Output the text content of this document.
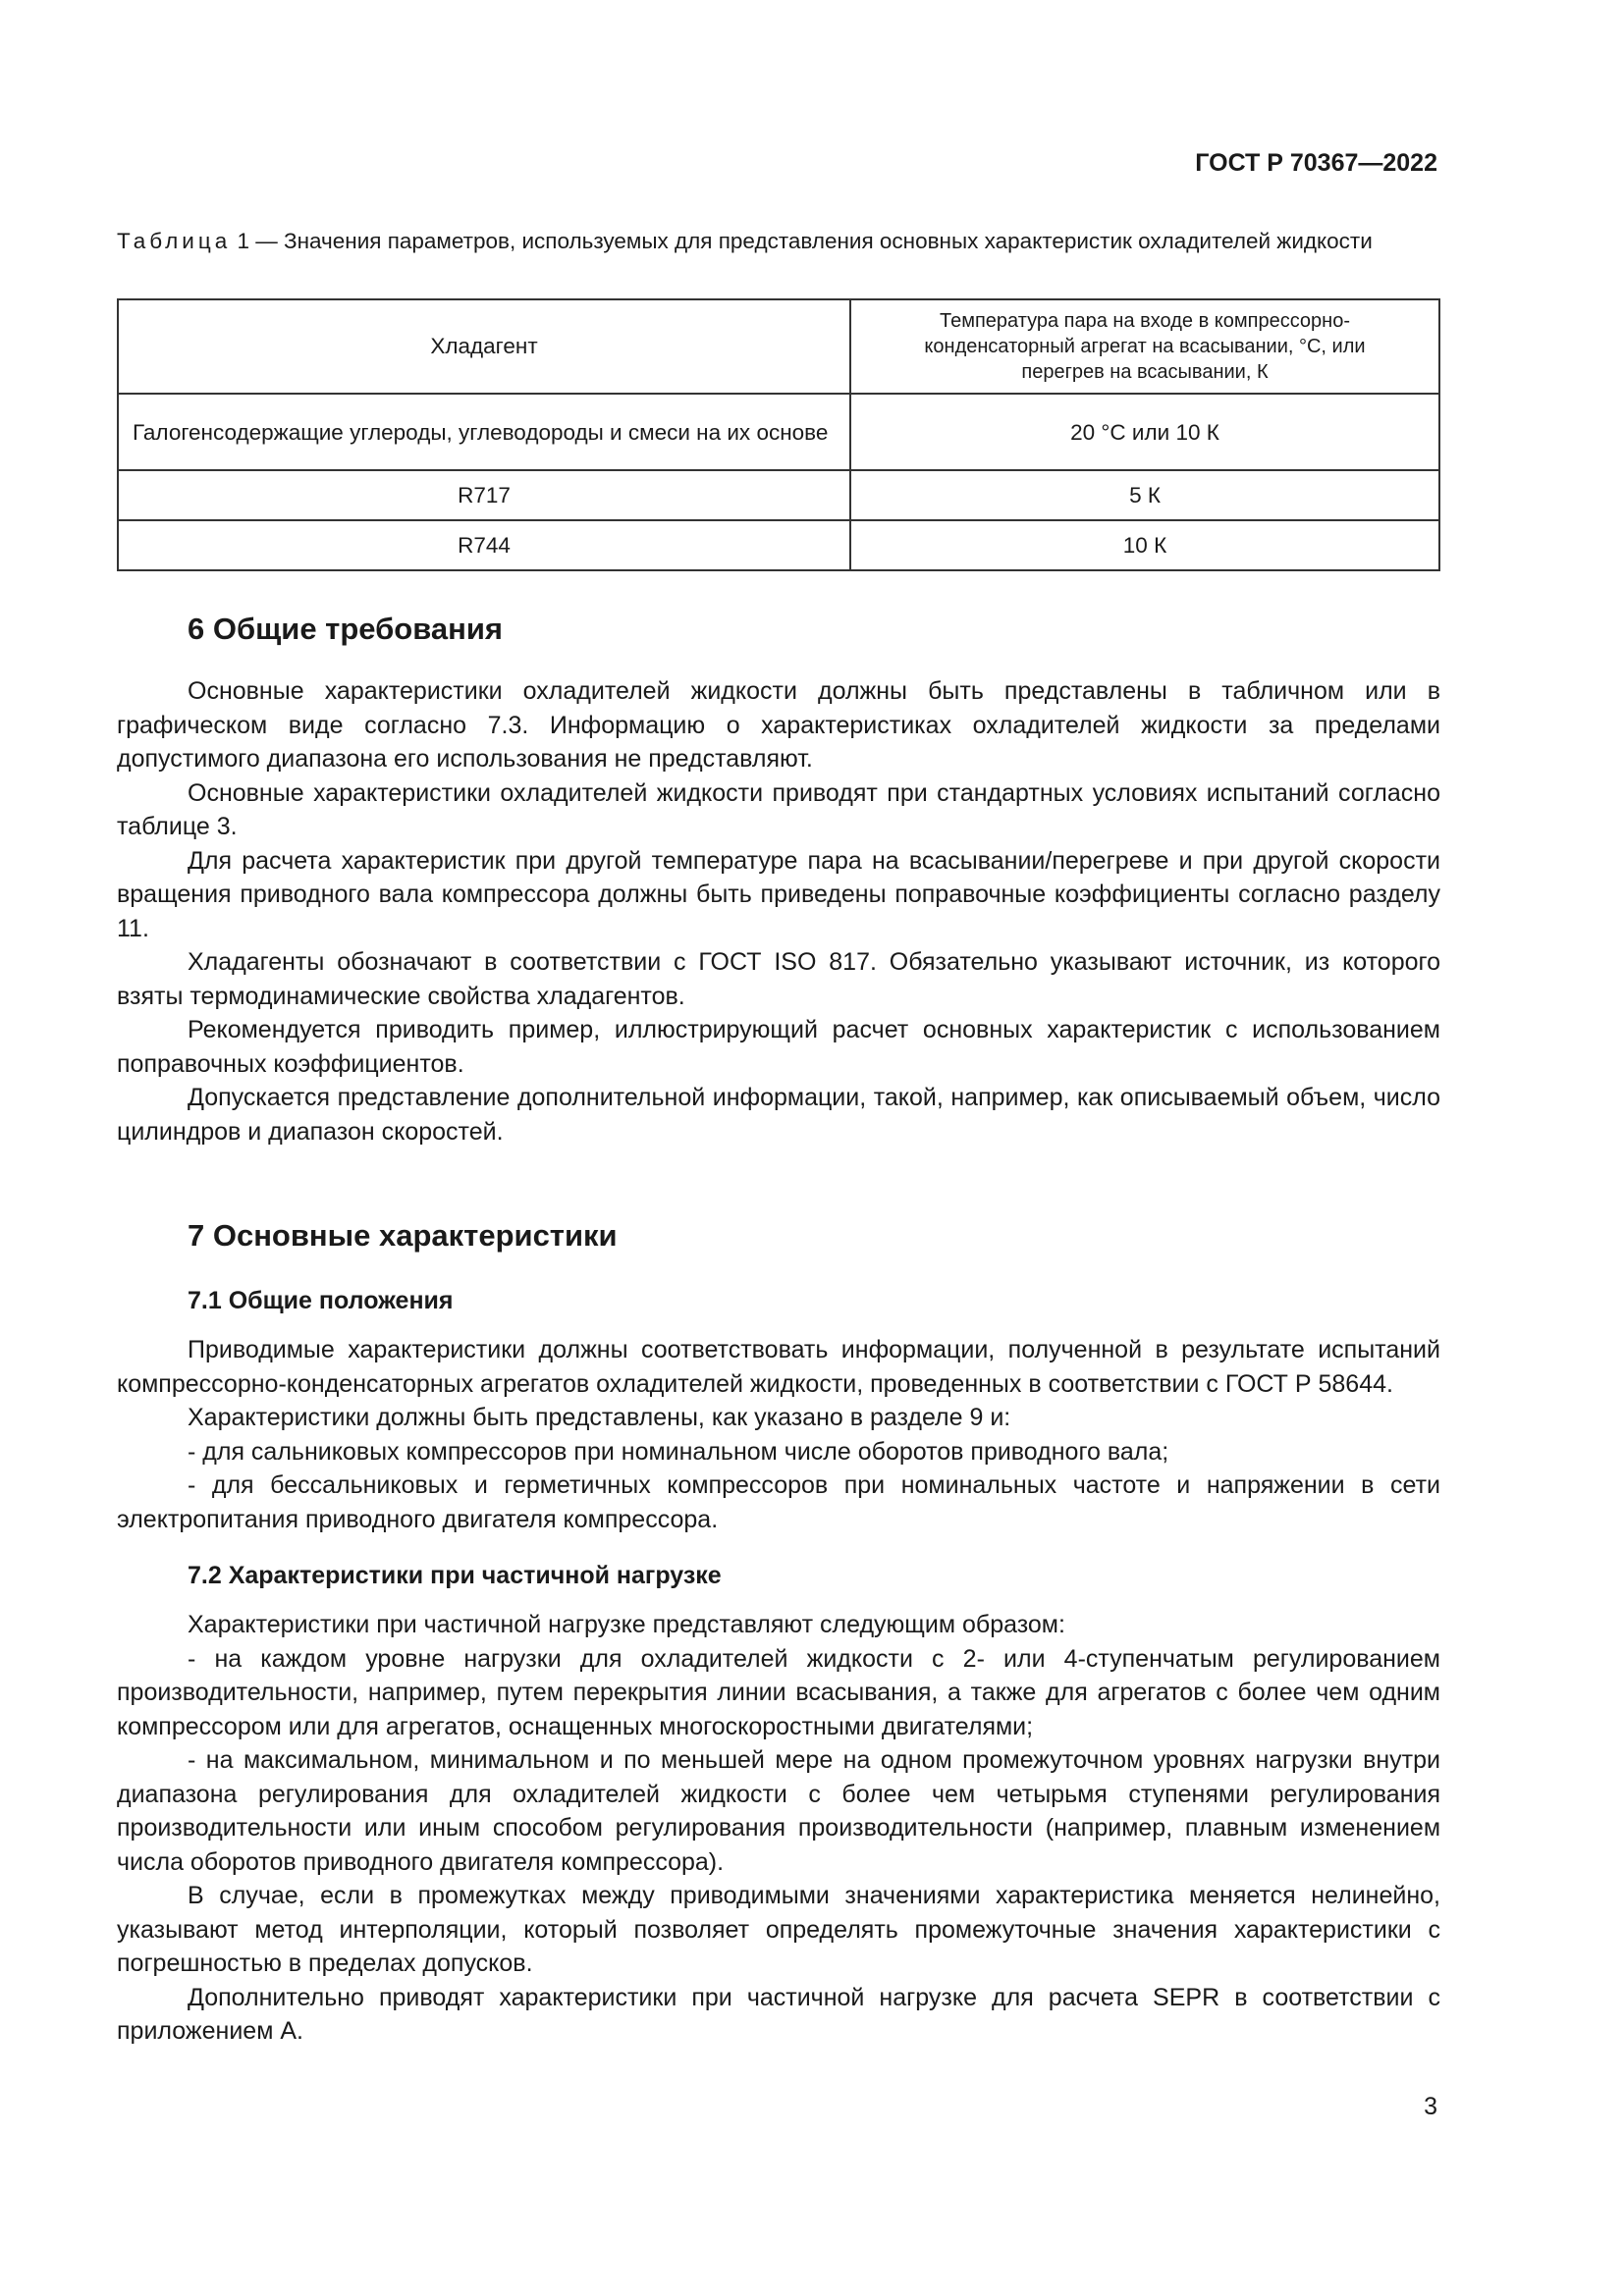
ГОСТ Р 70367—2022
Таблица 1 — Значения параметров, используемых для представления основных характеристик охладителей жидкости
Хладагент	Температура пара на входе в компрессорно-конденсаторный агрегат на всасывании, °С, или перегрев на всасывании, К
Галогенсодержащие углероды, углеводороды и смеси на их основе	20 °С или 10 К
R717	5 К
R744	10 К
6 Общие требования

Основные характеристики охладителей жидкости должны быть представлены в табличном или в графическом виде согласно 7.3. Информацию о характеристиках охладителей жидкости за пределами допустимого диапазона его использования не представляют.

Основные характеристики охладителей жидкости приводят при стандартных условиях испытаний согласно таблице 3.

Для расчета характеристик при другой температуре пара на всасывании/перегреве и при другой скорости вращения приводного вала компрессора должны быть приведены поправочные коэффициенты согласно разделу 11.

Хладагенты обозначают в соответствии с ГОСТ ISO 817. Обязательно указывают источник, из которого взяты термодинамические свойства хладагентов.

Рекомендуется приводить пример, иллюстрирующий расчет основных характеристик с использованием поправочных коэффициентов.

Допускается представление дополнительной информации, такой, например, как описываемый объем, число цилиндров и диапазон скоростей.

7 Основные характеристики
7.1 Общие положения

Приводимые характеристики должны соответствовать информации, полученной в результате испытаний компрессорно-конденсаторных агрегатов охладителей жидкости, проведенных в соответствии с ГОСТ Р 58644.

Характеристики должны быть представлены, как указано в разделе 9 и:

- для сальниковых компрессоров при номинальном числе оборотов приводного вала;

- для бессальниковых и герметичных компрессоров при номинальных частоте и напряжении в сети электропитания приводного двигателя компрессора.

7.2 Характеристики при частичной нагрузке

Характеристики при частичной нагрузке представляют следующим образом:

- на каждом уровне нагрузки для охладителей жидкости с 2- или 4-ступенчатым регулированием производительности, например, путем перекрытия линии всасывания, а также для агрегатов с более чем одним компрессором или для агрегатов, оснащенных многоскоростными двигателями;

- на максимальном, минимальном и по меньшей мере на одном промежуточном уровнях нагрузки внутри диапазона регулирования для охладителей жидкости с более чем четырьмя ступенями регулирования производительности или иным способом регулирования производительности (например, плавным изменением числа оборотов приводного двигателя компрессора).

В случае, если в промежутках между приводимыми значениями характеристика меняется нелинейно, указывают метод интерполяции, который позволяет определять промежуточные значения характеристики с погрешностью в пределах допусков.

Дополнительно приводят характеристики при частичной нагрузке для расчета SEPR в соответствии с приложением А.

3
